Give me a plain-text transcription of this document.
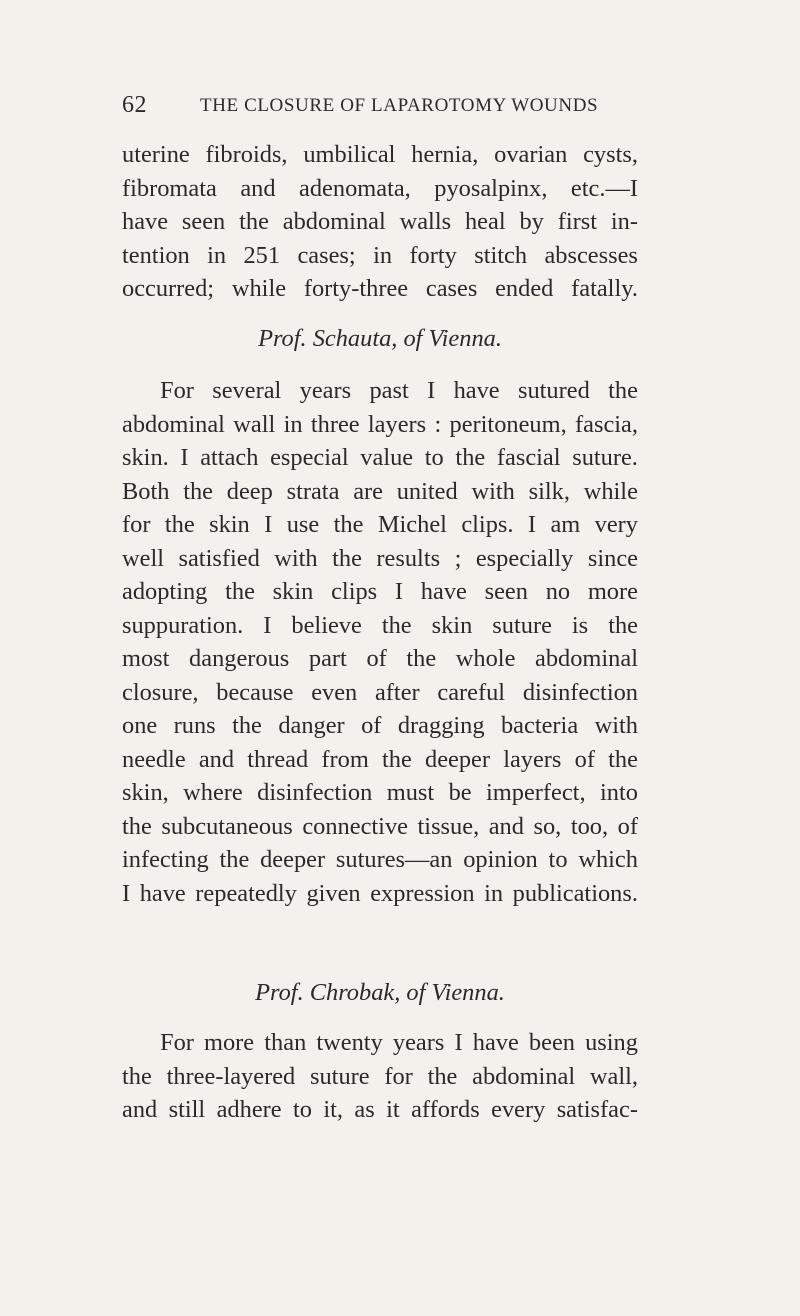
62	THE CLOSURE OF LAPAROTOMY WOUNDS
uterine fibroids, umbilical hernia, ovarian cysts,
fibromata and adenomata, pyosalpinx, etc.—I
have seen the abdominal walls heal by first in-
tention in 251 cases; in forty stitch abscesses
occurred; while forty-three cases ended fatally.
Prof. Schauta, of Vienna.
For several years past I have sutured the
abdominal wall in three layers : peritoneum, fascia,
skin. I attach especial value to the fascial suture.
Both the deep strata are united with silk, while
for the skin I use the Michel clips. I am very
well satisfied with the results ; especially since
adopting the skin clips I have seen no more
suppuration. I believe the skin suture is the
most dangerous part of the whole abdominal
closure, because even after careful disinfection
one runs the danger of dragging bacteria with
needle and thread from the deeper layers of the
skin, where disinfection must be imperfect, into
the subcutaneous connective tissue, and so, too, of
infecting the deeper sutures—an opinion to which
I have repeatedly given expression in publications.
Prof. Chrobak, of Vienna.
For more than twenty years I have been using
the three-layered suture for the abdominal wall,
and still adhere to it, as it affords every satisfac-
